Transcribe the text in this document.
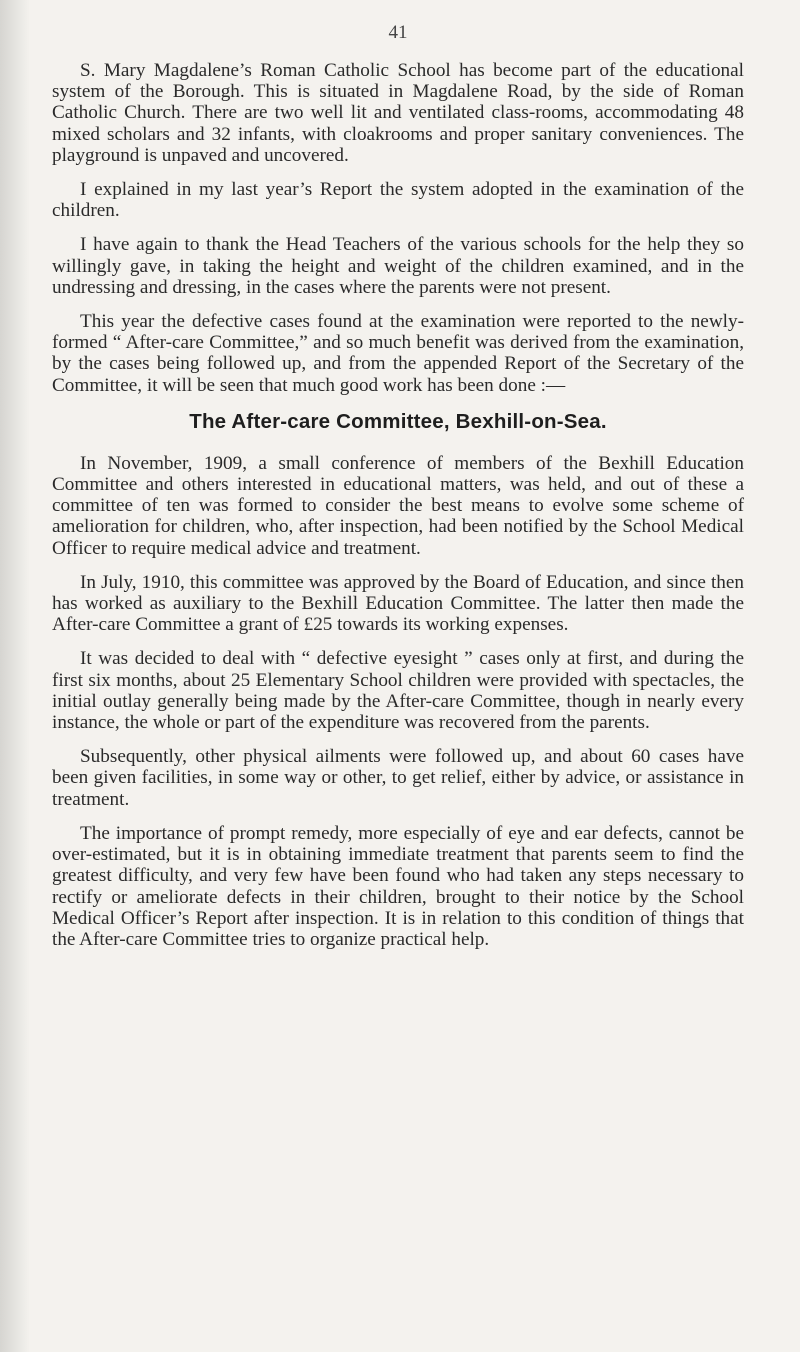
41

S. Mary Magdalene’s Roman Catholic School has become part of the educational system of the Borough. This is situated in Magdalene Road, by the side of Roman Catholic Church. There are two well lit and ventilated class-rooms, accommodating 48 mixed scholars and 32 infants, with cloakrooms and proper sanitary conveniences. The playground is unpaved and uncovered.

I explained in my last year’s Report the system adopted in the examination of the children.

I have again to thank the Head Teachers of the various schools for the help they so willingly gave, in taking the height and weight of the children examined, and in the undressing and dressing, in the cases where the parents were not present.

This year the defective cases found at the examination were reported to the newly-formed “ After-care Committee,” and so much benefit was derived from the examination, by the cases being followed up, and from the appended Report of the Secretary of the Committee, it will be seen that much good work has been done :—

The After-care Committee, Bexhill-on-Sea.

In November, 1909, a small conference of members of the Bexhill Education Committee and others interested in educational matters, was held, and out of these a committee of ten was formed to consider the best means to evolve some scheme of amelioration for children, who, after inspection, had been notified by the School Medical Officer to require medical advice and treatment.

In July, 1910, this committee was approved by the Board of Education, and since then has worked as auxiliary to the Bexhill Education Committee. The latter then made the After-care Committee a grant of £25 towards its working expenses.

It was decided to deal with “ defective eyesight ” cases only at first, and during the first six months, about 25 Elementary School children were provided with spectacles, the initial outlay generally being made by the After-care Committee, though in nearly every instance, the whole or part of the expenditure was recovered from the parents.

Subsequently, other physical ailments were followed up, and about 60 cases have been given facilities, in some way or other, to get relief, either by advice, or assistance in treatment.

The importance of prompt remedy, more especially of eye and ear defects, cannot be over-estimated, but it is in obtaining immediate treatment that parents seem to find the greatest difficulty, and very few have been found who had taken any steps necessary to rectify or ameliorate defects in their children, brought to their notice by the School Medical Officer’s Report after inspection. It is in relation to this condition of things that the After-care Committee tries to organize practical help.
